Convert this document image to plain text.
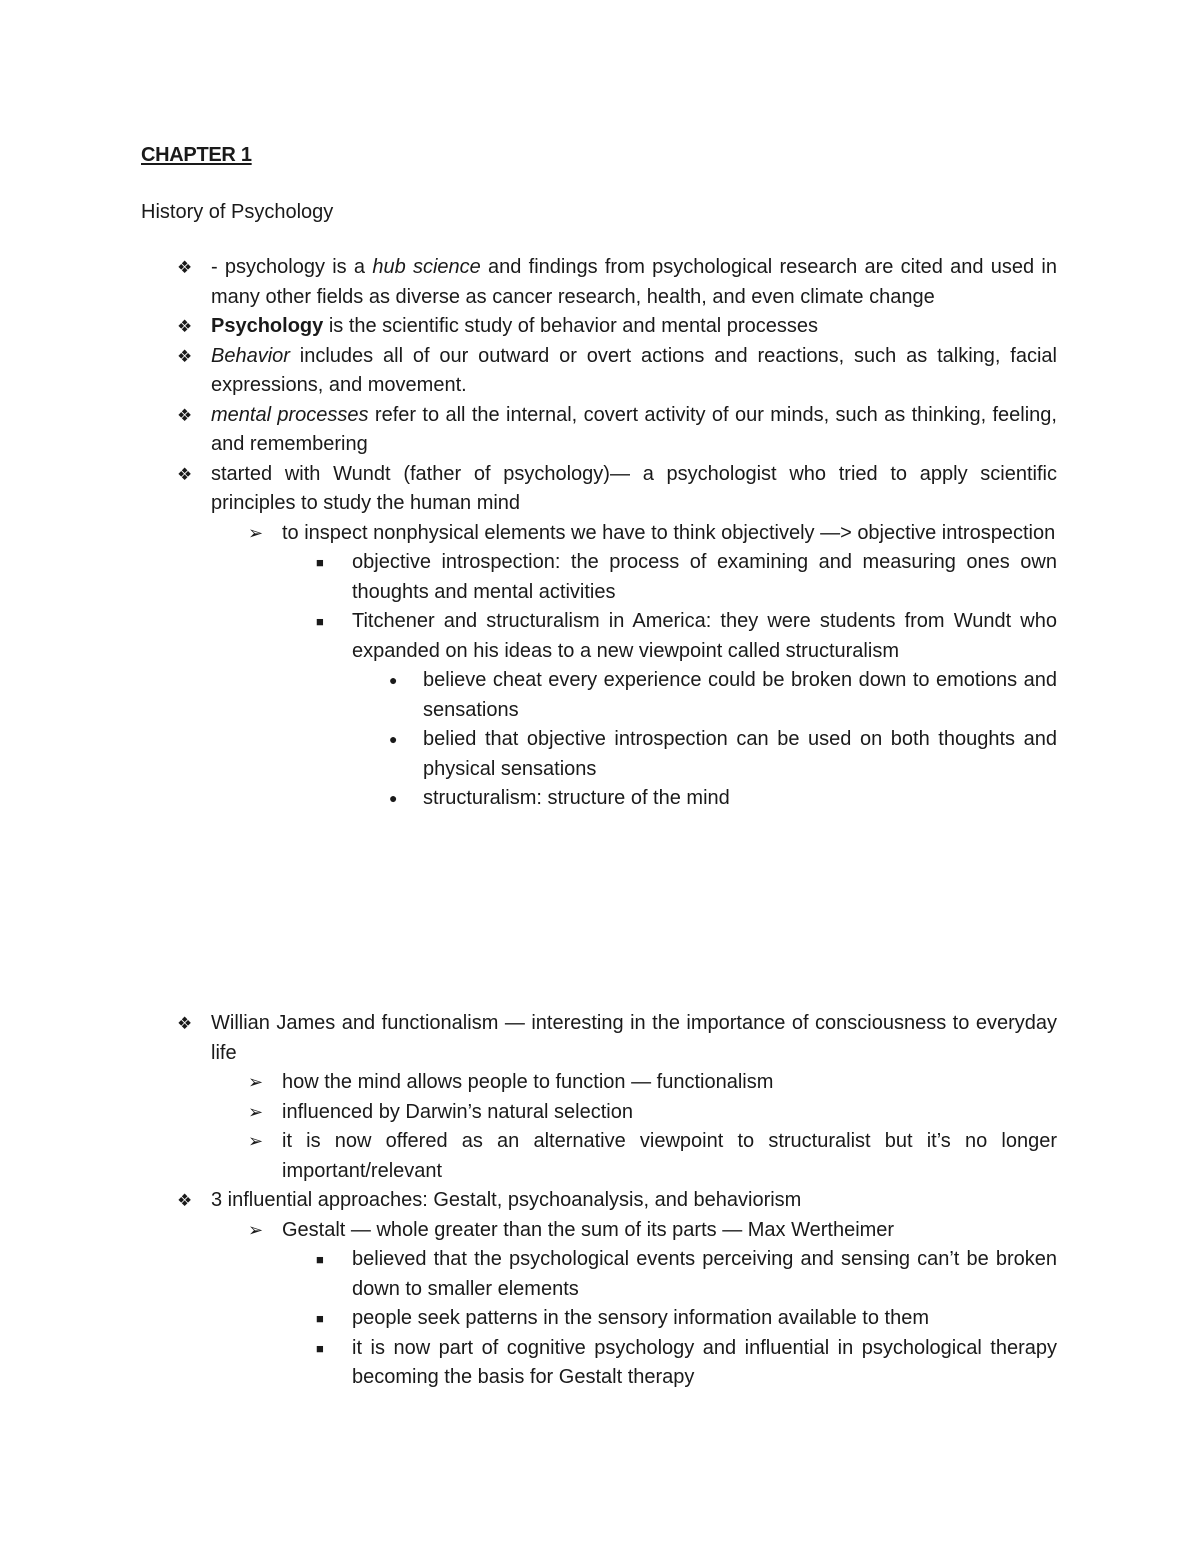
CHAPTER 1
History of Psychology
❖ - psychology is a hub science and findings from psychological research are cited and used in many other fields as diverse as cancer research, health, and even climate change
❖ Psychology is the scientific study of behavior and mental processes
❖ Behavior includes all of our outward or overt actions and reactions, such as talking, facial expressions, and movement.
❖ mental processes refer to all the internal, covert activity of our minds, such as thinking, feeling, and remembering
❖ started with Wundt (father of psychology)— a psychologist who tried to apply scientific principles to study the human mind
➢ to inspect nonphysical elements we have to think objectively —> objective introspection
■ objective introspection: the process of examining and measuring ones own thoughts and mental activities
■ Titchener and structuralism in America: they were students from Wundt who expanded on his ideas to a new viewpoint called structuralism
● believe cheat every experience could be broken down to emotions and sensations
● belied that objective introspection can be used on both thoughts and physical sensations
● structuralism: structure of the mind
❖ Willian James and functionalism — interesting in the importance of consciousness to everyday life
➢ how the mind allows people to function — functionalism
➢ influenced by Darwin’s natural selection
➢ it is now offered as an alternative viewpoint to structuralist but it’s no longer important/relevant
❖ 3 influential approaches: Gestalt, psychoanalysis, and behaviorism
➢ Gestalt — whole greater than the sum of its parts — Max Wertheimer
■ believed that the psychological events perceiving and sensing can’t be broken down to smaller elements
■ people seek patterns in the sensory information available to them
■ it is now part of cognitive psychology and influential in psychological therapy becoming the basis for Gestalt therapy
